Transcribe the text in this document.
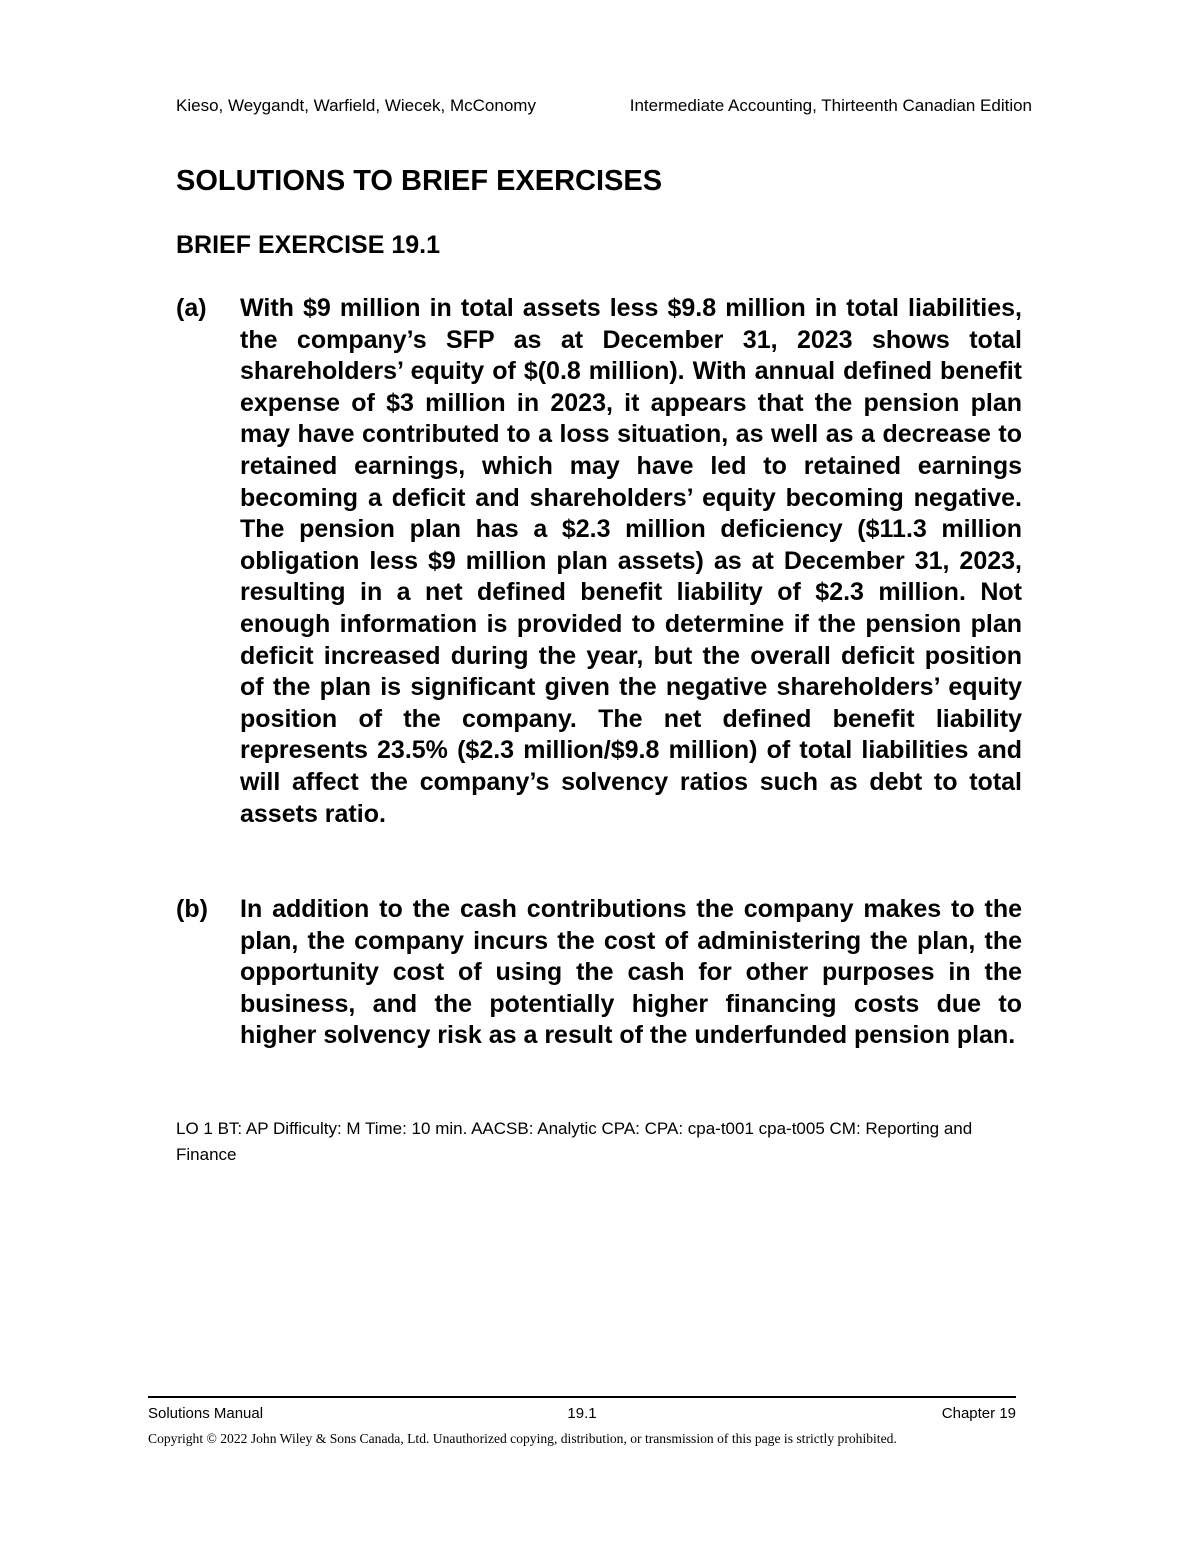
Kieso, Weygandt, Warfield, Wiecek, McConomy	Intermediate Accounting, Thirteenth Canadian Edition
SOLUTIONS TO BRIEF EXERCISES
BRIEF EXERCISE 19.1
(a) With $9 million in total assets less $9.8 million in total liabilities, the company’s SFP as at December 31, 2023 shows total shareholders’ equity of $(0.8 million). With annual defined benefit expense of $3 million in 2023, it appears that the pension plan may have contributed to a loss situation, as well as a decrease to retained earnings, which may have led to retained earnings becoming a deficit and shareholders’ equity becoming negative. The pension plan has a $2.3 million deficiency ($11.3 million obligation less $9 million plan assets) as at December 31, 2023, resulting in a net defined benefit liability of $2.3 million. Not enough information is provided to determine if the pension plan deficit increased during the year, but the overall deficit position of the plan is significant given the negative shareholders’ equity position of the company. The net defined benefit liability represents 23.5% ($2.3 million/$9.8 million) of total liabilities and will affect the company’s solvency ratios such as debt to total assets ratio.
(b) In addition to the cash contributions the company makes to the plan, the company incurs the cost of administering the plan, the opportunity cost of using the cash for other purposes in the business, and the potentially higher financing costs due to higher solvency risk as a result of the underfunded pension plan.
LO 1 BT: AP Difficulty: M Time: 10 min. AACSB: Analytic CPA: CPA: cpa-t001 cpa-t005 CM: Reporting and Finance
Solutions Manual	19.1	Chapter 19
Copyright © 2022 John Wiley & Sons Canada, Ltd. Unauthorized copying, distribution, or transmission of this page is strictly prohibited.
